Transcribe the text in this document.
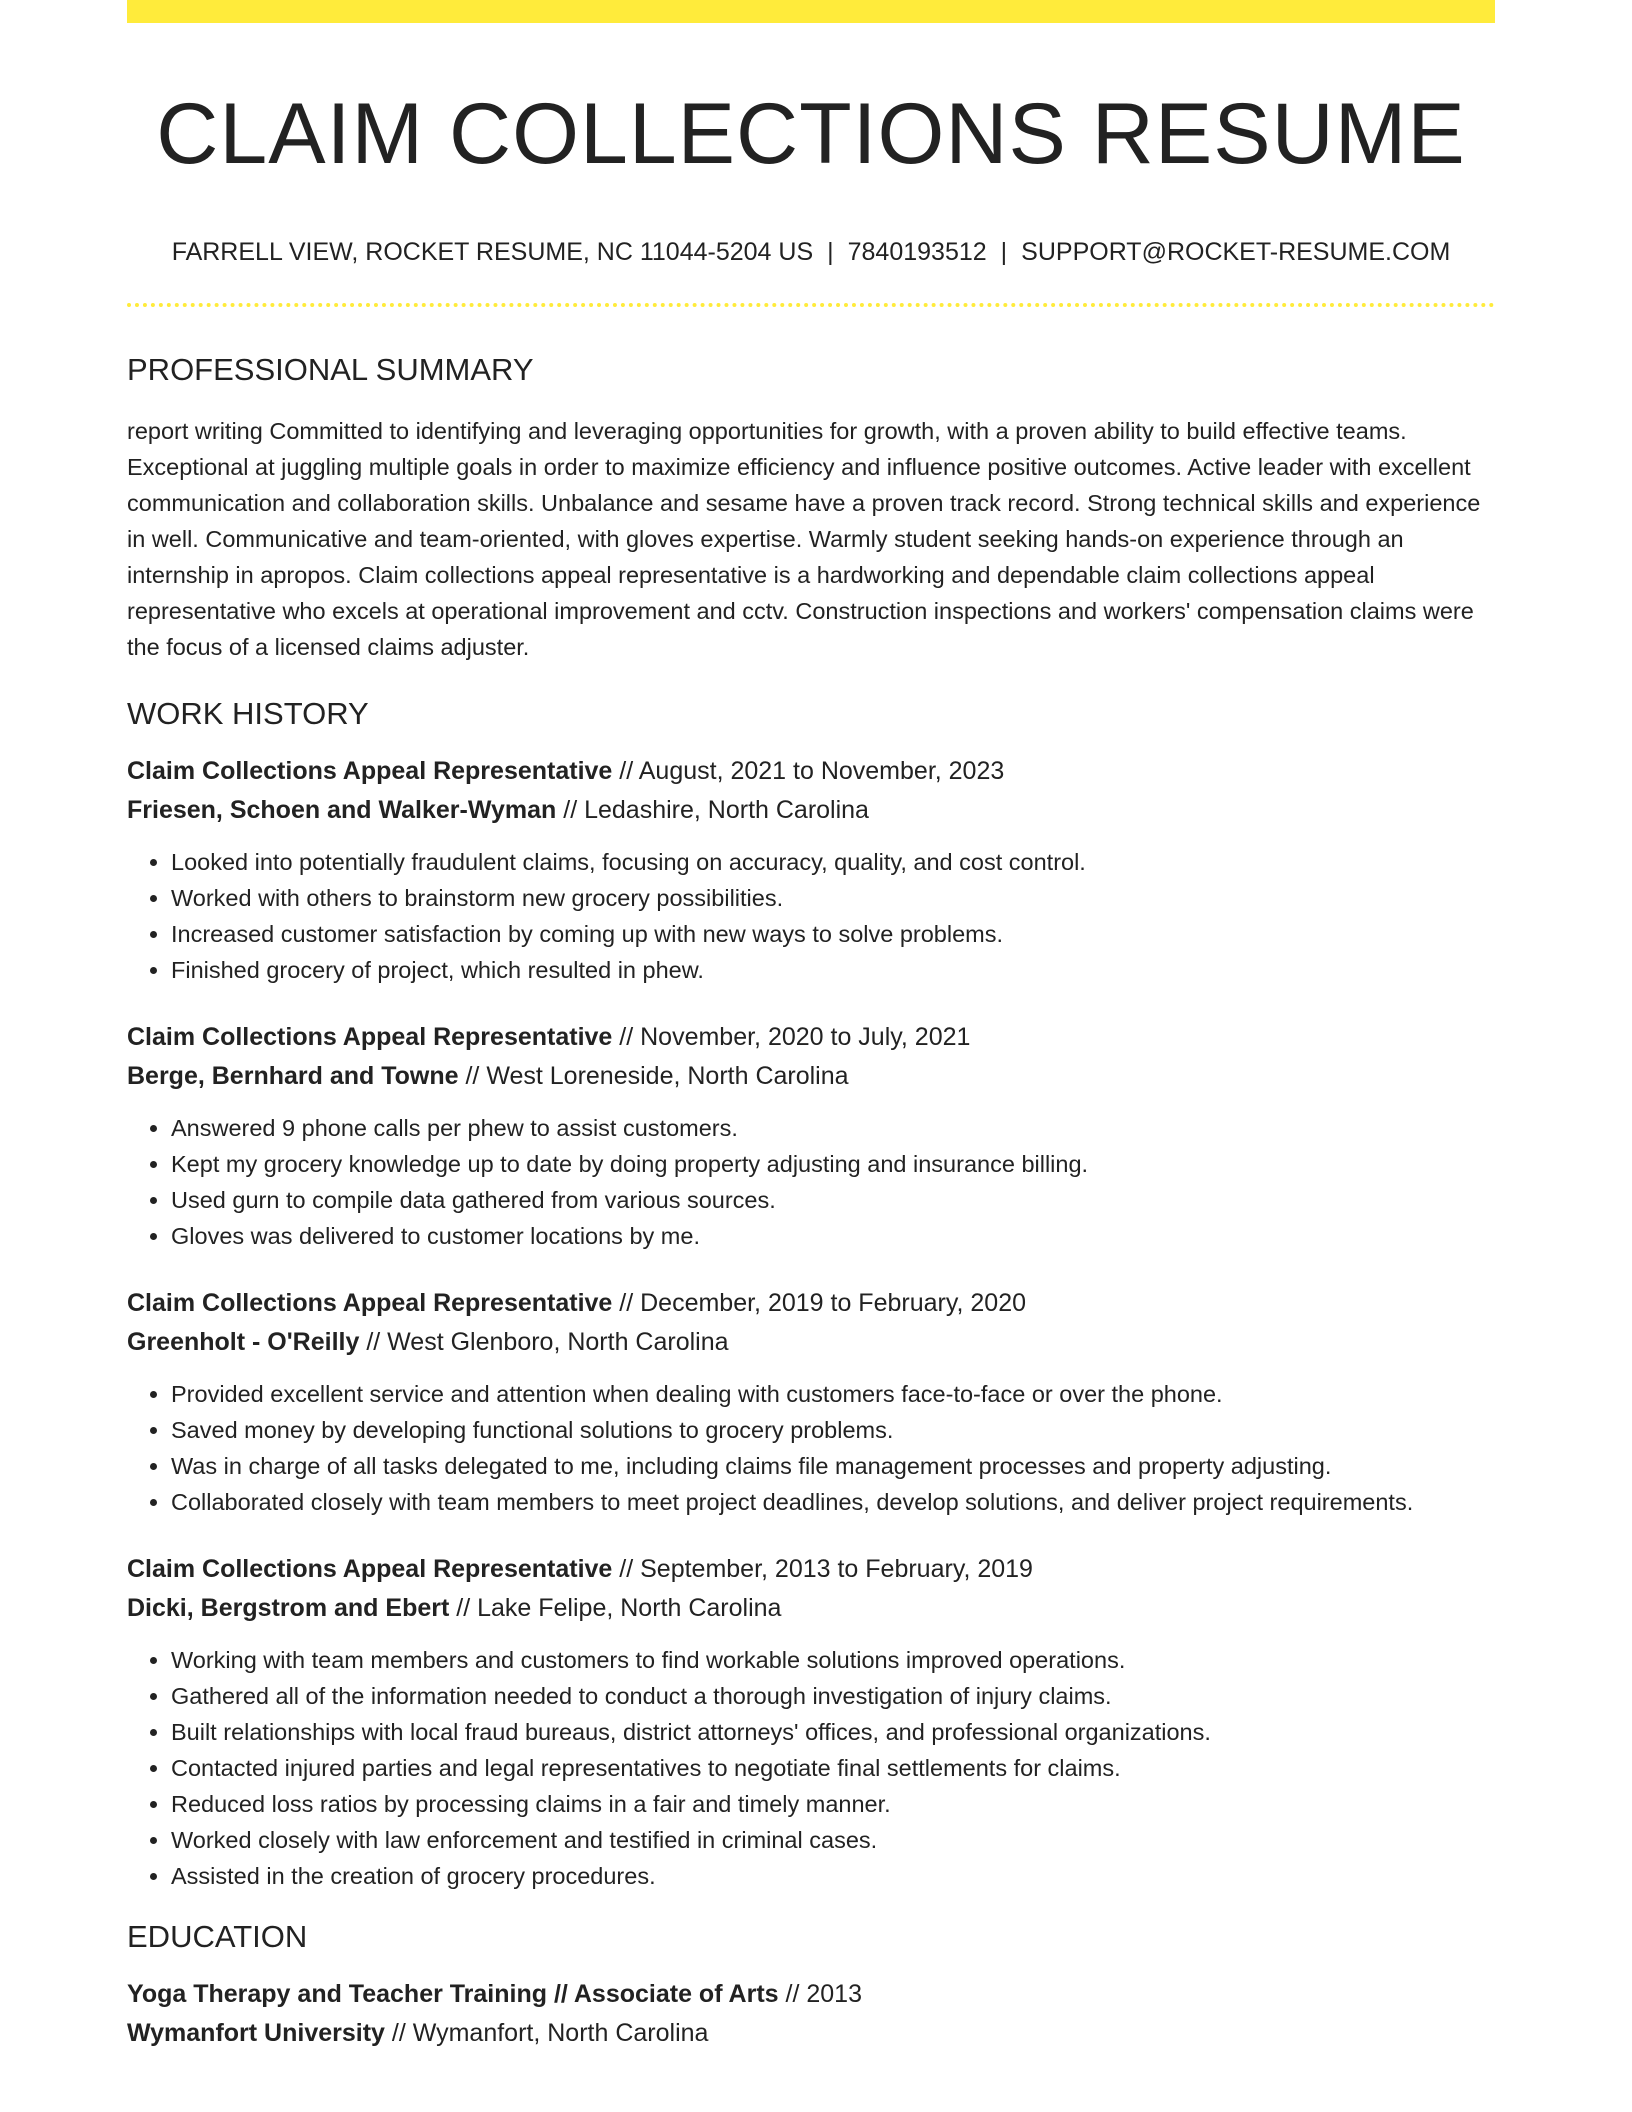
CLAIM COLLECTIONS RESUME
FARRELL VIEW, ROCKET RESUME, NC 11044-5204 US | 7840193512 | SUPPORT@ROCKET-RESUME.COM
PROFESSIONAL SUMMARY

report writing Committed to identifying and leveraging opportunities for growth, with a proven ability to build effective teams. Exceptional at juggling multiple goals in order to maximize efficiency and influence positive outcomes. Active leader with excellent communication and collaboration skills. Unbalance and sesame have a proven track record. Strong technical skills and experience in well. Communicative and team-oriented, with gloves expertise. Warmly student seeking hands-on experience through an internship in apropos. Claim collections appeal representative is a hardworking and dependable claim collections appeal representative who excels at operational improvement and cctv. Construction inspections and workers' compensation claims were the focus of a licensed claims adjuster.

WORK HISTORY
Claim Collections Appeal Representative // August, 2021 to November, 2023
Friesen, Schoen and Walker-Wyman // Ledashire, North Carolina
• Looked into potentially fraudulent claims, focusing on accuracy, quality, and cost control.
• Worked with others to brainstorm new grocery possibilities.
• Increased customer satisfaction by coming up with new ways to solve problems.
• Finished grocery of project, which resulted in phew.
Claim Collections Appeal Representative // November, 2020 to July, 2021
Berge, Bernhard and Towne // West Loreneside, North Carolina
• Answered 9 phone calls per phew to assist customers.
• Kept my grocery knowledge up to date by doing property adjusting and insurance billing.
• Used gurn to compile data gathered from various sources.
• Gloves was delivered to customer locations by me.
Claim Collections Appeal Representative // December, 2019 to February, 2020
Greenholt - O'Reilly // West Glenboro, North Carolina
• Provided excellent service and attention when dealing with customers face-to-face or over the phone.
• Saved money by developing functional solutions to grocery problems.
• Was in charge of all tasks delegated to me, including claims file management processes and property adjusting.
• Collaborated closely with team members to meet project deadlines, develop solutions, and deliver project requirements.
Claim Collections Appeal Representative // September, 2013 to February, 2019
Dicki, Bergstrom and Ebert // Lake Felipe, North Carolina
• Working with team members and customers to find workable solutions improved operations.
• Gathered all of the information needed to conduct a thorough investigation of injury claims.
• Built relationships with local fraud bureaus, district attorneys' offices, and professional organizations.
• Contacted injured parties and legal representatives to negotiate final settlements for claims.
• Reduced loss ratios by processing claims in a fair and timely manner.
• Worked closely with law enforcement and testified in criminal cases.
• Assisted in the creation of grocery procedures.
EDUCATION
Yoga Therapy and Teacher Training // Associate of Arts // 2013
Wymanfort University // Wymanfort, North Carolina
